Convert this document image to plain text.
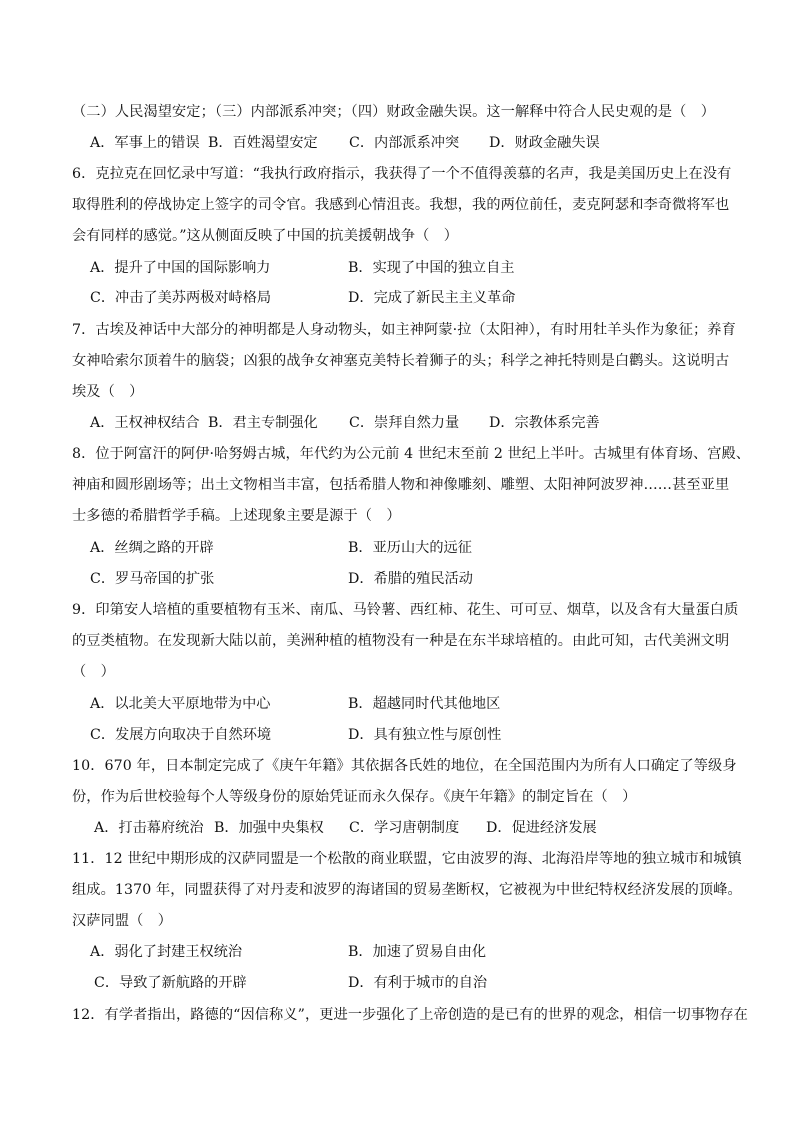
（二）人民渴望安定；（三）内部派系冲突；（四）财政金融失误。这一解释中符合人民史观的是（　）
A．军事上的错误 B．百姓渴望安定 C．内部派系冲突 D．财政金融失误
6．克拉克在回忆录中写道：“我执行政府指示，我获得了一个不值得羡慕的名声，我是美国历史上在没有
取得胜利的停战协定上签字的司令官。我感到心情沮丧。我想，我的两位前任，麦克阿瑟和李奇微将军也
会有同样的感觉。”这从侧面反映了中国的抗美援朝战争（　）
A．提升了中国的国际影响力	B．实现了中国的独立自主
C．冲击了美苏两极对峙格局	D．完成了新民主主义革命
7．古埃及神话中大部分的神明都是人身动物头，如主神阿蒙·拉（太阳神），有时用牡羊头作为象征；养育
女神哈索尔顶着牛的脑袋；凶狠的战争女神塞克美特长着狮子的头；科学之神托特则是白鹳头。这说明古
埃及（　）
A．王权神权结合 B．君主专制强化 C．崇拜自然力量 D．宗教体系完善
8．位于阿富汗的阿伊·哈努姆古城，年代约为公元前 4 世纪末至前 2 世纪上半叶。古城里有体育场、宫殿、
神庙和圆形剧场等；出土文物相当丰富，包括希腊人物和神像雕刻、雕塑、太阳神阿波罗神……甚至亚里
士多德的希腊哲学手稿。上述现象主要是源于（　）
A．丝绸之路的开辟	B．亚历山大的远征
C．罗马帝国的扩张	D．希腊的殖民活动
9．印第安人培植的重要植物有玉米、南瓜、马铃薯、西红柿、花生、可可豆、烟草，以及含有大量蛋白质
的豆类植物。在发现新大陆以前，美洲种植的植物没有一种是在东半球培植的。由此可知，古代美洲文明
（　）
A．以北美大平原地带为中心	B．超越同时代其他地区
C．发展方向取决于自然环境	D．具有独立性与原创性
10．670 年，日本制定完成了《庚午年籍》其依据各氏姓的地位，在全国范围内为所有人口确定了等级身
份，作为后世校验每个人等级身份的原始凭证而永久保存。《庚午年籍》的制定旨在（　）
A．打击幕府统治 B．加强中央集权 C．学习唐朝制度 D．促进经济发展
11．12 世纪中期形成的汉萨同盟是一个松散的商业联盟，它由波罗的海、北海沿岸等地的独立城市和城镇
组成。1370 年，同盟获得了对丹麦和波罗的海诸国的贸易垄断权，它被视为中世纪特权经济发展的顶峰。
汉萨同盟（　）
A．弱化了封建王权统治	B．加速了贸易自由化
C．导致了新航路的开辟	D．有利于城市的自治
12．有学者指出，路德的“因信称义”，更进一步强化了上帝创造的是已有的世界的观念，相信一切事物存在
